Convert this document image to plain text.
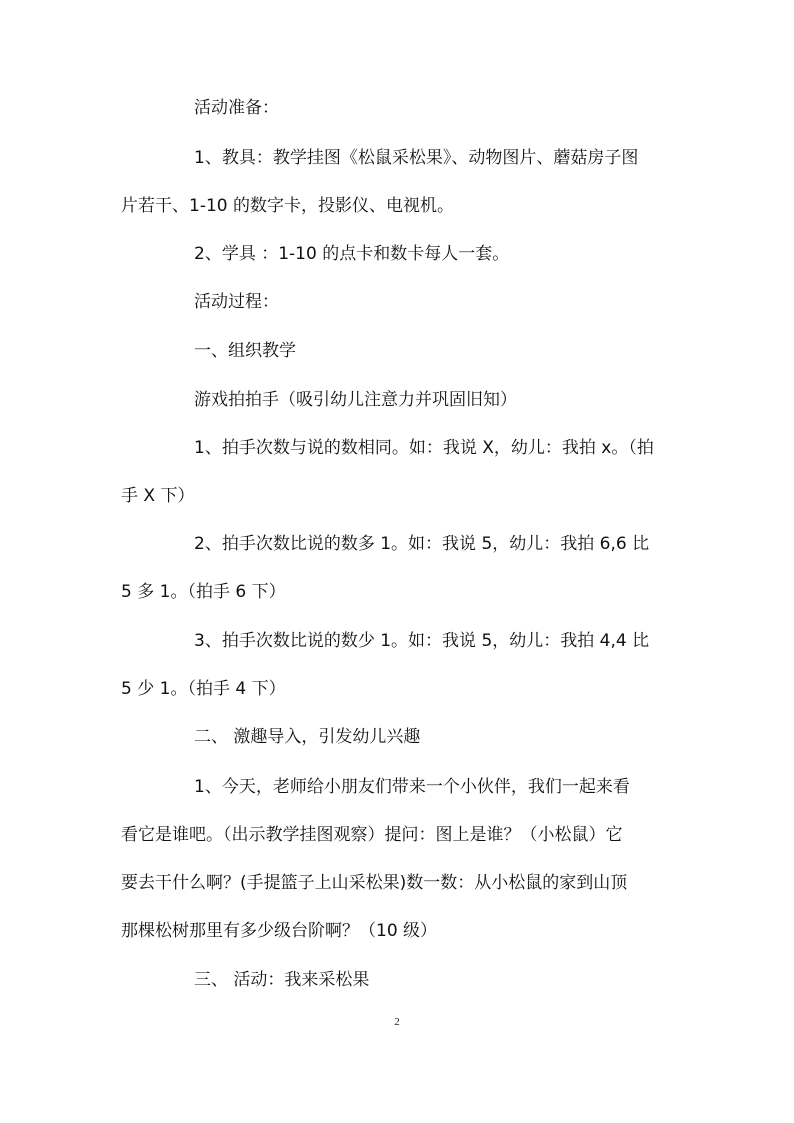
活动准备：
1、教具：教学挂图《松鼠采松果》、动物图片、蘑菇房子图
片若干、1-10 的数字卡，投影仪、电视机。
2、学具 ：1-10 的点卡和数卡每人一套。
活动过程：
一、组织教学
游戏拍拍手（吸引幼儿注意力并巩固旧知）
1、拍手次数与说的数相同。如：我说 X，幼儿：我拍 x。（拍
手 X 下）
2、拍手次数比说的数多 1。如：我说 5，幼儿：我拍 6,6 比
5 多 1。（拍手 6 下）
3、拍手次数比说的数少 1。如：我说 5，幼儿：我拍 4,4 比
5 少 1。（拍手 4 下）
二、 激趣导入，引发幼儿兴趣
1、今天，老师给小朋友们带来一个小伙伴，我们一起来看
看它是谁吧。（出示教学挂图观察）提问：图上是谁？（小松鼠）它
要去干什么啊？(手提篮子上山采松果)数一数：从小松鼠的家到山顶
那棵松树那里有多少级台阶啊？（10 级）
三、 活动：我来采松果
2
